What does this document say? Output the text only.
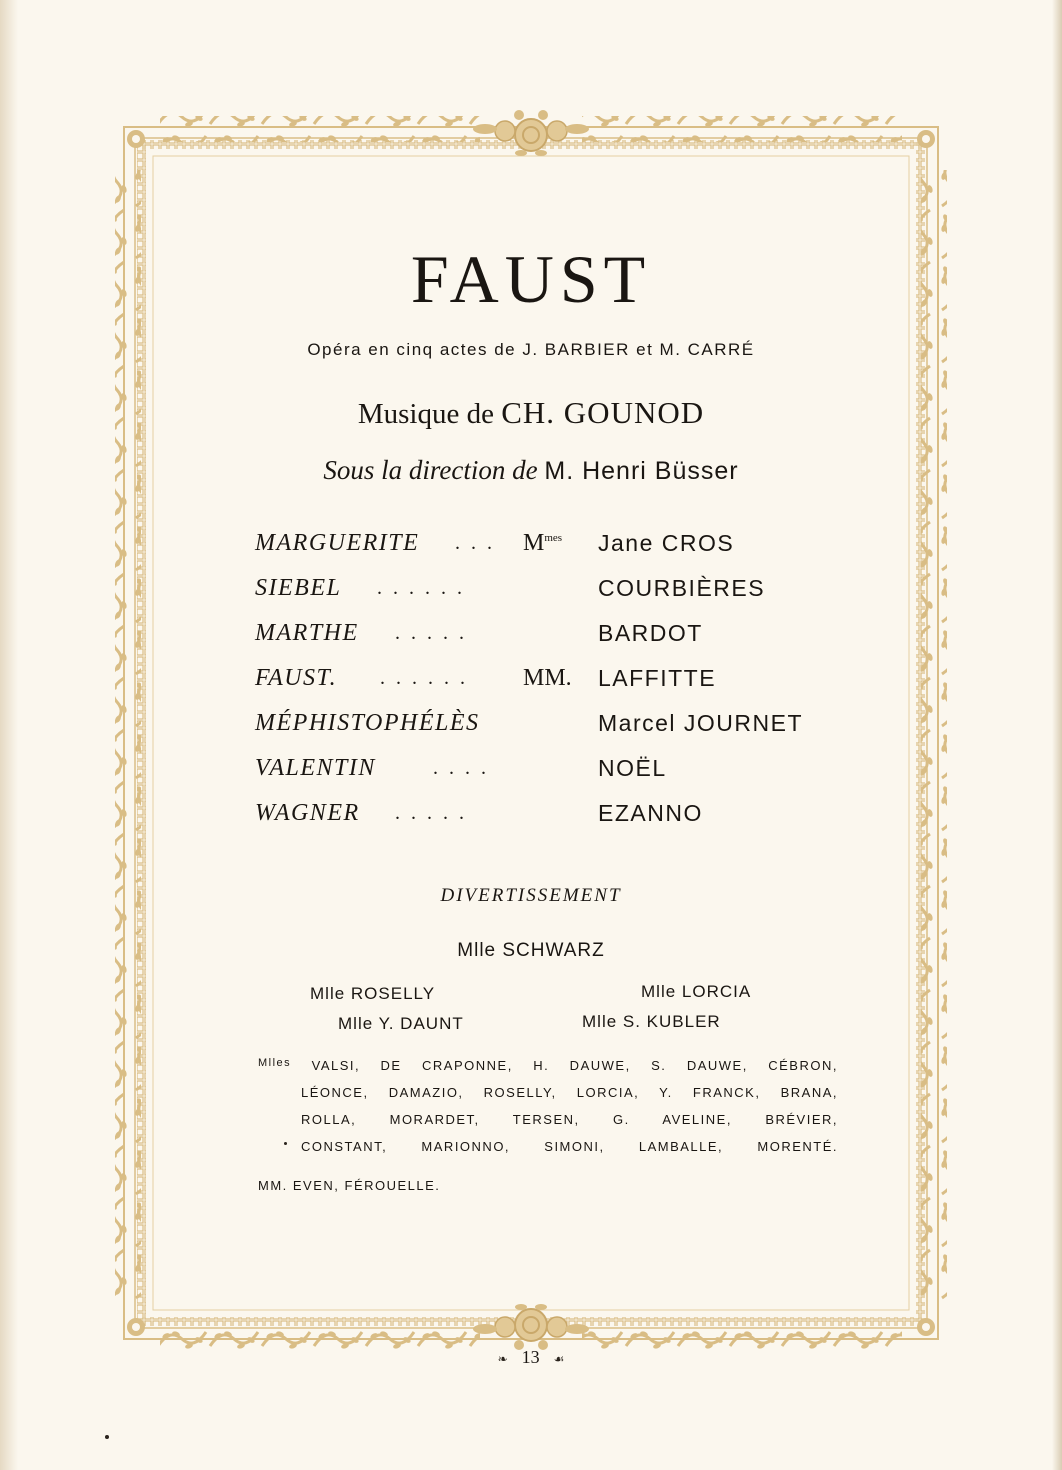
FAUST
Opéra en cinq actes de J. BARBIER et M. CARRÉ
Musique de CH. GOUNOD
Sous la direction de M. Henri Büsser
MARGUERITE . . . $M^{mes}$ Jane CROS
SIEBEL . . . . . .	COURBIÈRES
MARTHE . . . . .	BARDOT
FAUST. . . . . . . MM. LAFFITTE
MÉPHISTOPHÉLÈS	Marcel JOURNET
VALENTIN	. . . .	NOËL
WAGNER . . . . .	EZANNO
DIVERTISSEMENT
Mlle SCHWARZ
Mlle ROSELLY	Mlle LORCIA
Mlle Y. DAUNT	Mlle S. KUBLER
$^{Mlles}$ VALSI, DE CRAPONNE, H. DAUWE, S. DAUWE, CÉBRON,
LÉONCE, DAMAZIO, ROSELLY, LORCIA, Y. FRANCK, BRANA,
ROLLA, MORARDET, TERSEN, G. AVELINE, BRÉVIER,
CONSTANT, MARIONNO, SIMONI, LAMBALLE, MORENTÉ.
MM. EVEN, FÉROUELLE.
❧ 13 ☙
